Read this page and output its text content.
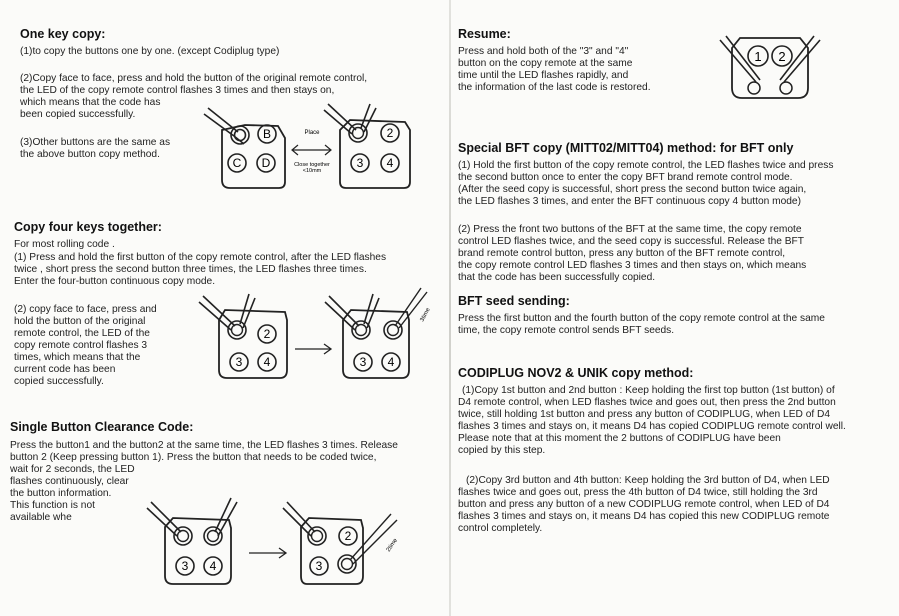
One key copy:
(1)to copy the buttons one by one. (except Codiplug type)
(2)Copy face to face, press and hold the button of the original remote control,
the LED of the copy remote control flashes 3 times and then stays on,
which means that the code has
been copied successfully.
(3)Other buttons are the same as
the above button copy method.
B
C D
Place
Close together
<10mm
2
3 4
Copy four keys together:
For most rolling code .
(1) Press and hold the first button of the copy remote control, after the LED flashes
twice , short press the second button three times, the LED flashes three times.
Enter the four-button continuous copy mode.
(2) copy face to face, press and
hold the button of the original
remote control, the LED of the
copy remote control flashes 3
times, which means that the
current code has been
copied successfully.
2
3 4	3 4
3time
Single Button Clearance Code:
Press the button1 and the button2 at the same time, the LED flashes 3 times. Release
button 2 (Keep pressing button 1). Press the button that needs to be coded twice,
wait for 2 seconds, the LED
flashes continuously, clear
the button information.
This function is not
available whe
3 4
2
3
2time
Resume:
Press and hold both of the "3" and "4"
button on the copy remote at the same
time until the LED flashes rapidly, and
the information of the last code is restored.
1 2
Special BFT copy (MITT02/MITT04) method: for BFT only
(1) Hold the first button of the copy remote control, the LED flashes twice and press
the second button once to enter the copy BFT brand remote control mode.
(After the seed copy is successful, short press the second button twice again,
the LED flashes 3 times, and enter the BFT continuous copy 4 button mode)
(2) Press the front two buttons of the BFT at the same time, the copy remote
control LED flashes twice, and the seed copy is successful. Release the BFT
brand remote control button, press any button of the BFT remote control,
the copy remote control LED flashes 3 times and then stays on, which means
that the code has been successfully copied.
BFT seed sending:
Press the first button and the fourth button of the copy remote control at the same
time, the copy remote control sends BFT seeds.
CODIPLUG NOV2 & UNIK copy method:
(1)Copy 1st button and 2nd button : Keep holding the first top button (1st button) of
D4 remote control, when LED flashes twice and goes out, then press the 2nd button
twice, still holding 1st button and press any button of CODIPLUG, when LED of D4
flashes 3 times and stays on, it means D4 has copied CODIPLUG remote control well.
Please note that at this moment the 2 buttons of CODIPLUG have been
copied by this step.
(2)Copy 3rd button and 4th button: Keep holding the 3rd button of D4, when LED
flashes twice and goes out, press the 4th button of D4 twice, still holding the 3rd
button and press any button of a new CODIPLUG remote control, when LED of D4
flashes 3 times and stays on, it means D4 has copied this new CODIPLUG remote
control completely.
